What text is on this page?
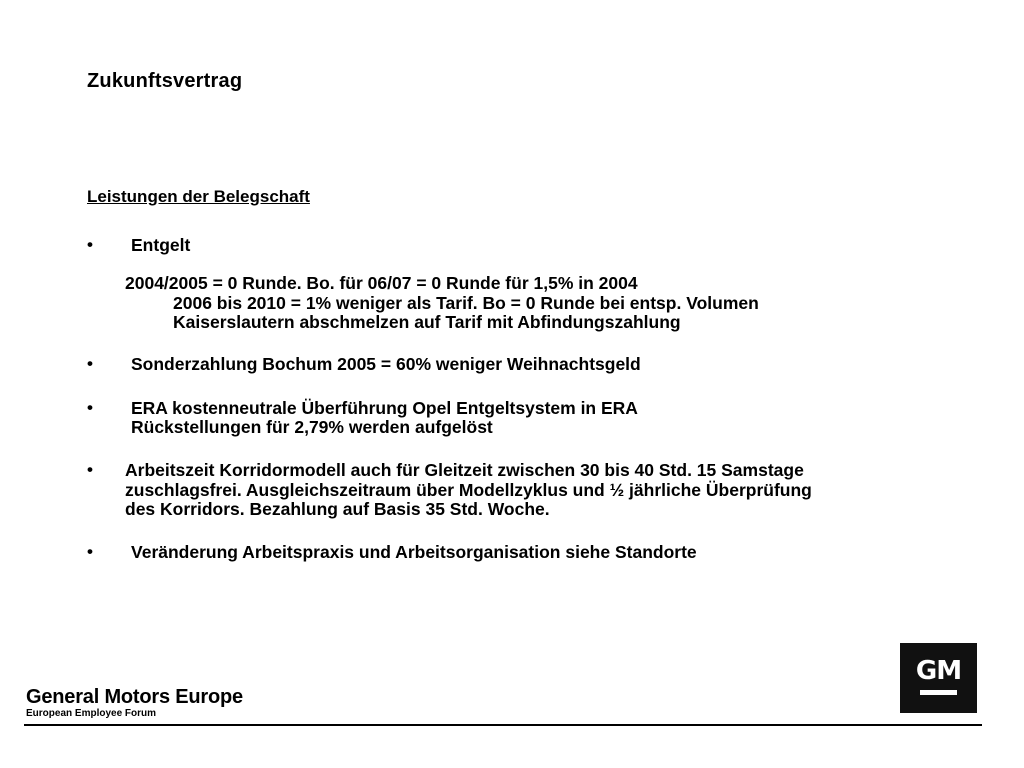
Zukunftsvertrag
Leistungen der Belegschaft
• Entgelt
2004/2005 = 0 Runde. Bo. für 06/07 = 0 Runde für 1,5% in 2004
2006 bis 2010 = 1% weniger als Tarif. Bo = 0 Runde bei entsp. Volumen
Kaiserslautern abschmelzen auf Tarif mit Abfindungszahlung
• Sonderzahlung Bochum 2005 = 60% weniger Weihnachtsgeld
• ERA kostenneutrale Überführung Opel Entgeltsystem in ERA
Rückstellungen für 2,79% werden aufgelöst
• Arbeitszeit Korridormodell auch für Gleitzeit zwischen 30 bis 40 Std. 15 Samstage
zuschlagsfrei. Ausgleichszeitraum über Modellzyklus und ½ jährliche Überprüfung
des Korridors. Bezahlung auf Basis 35 Std. Woche.
• Veränderung Arbeitspraxis und Arbeitsorganisation siehe Standorte
General Motors Europe
European Employee Forum
GM
